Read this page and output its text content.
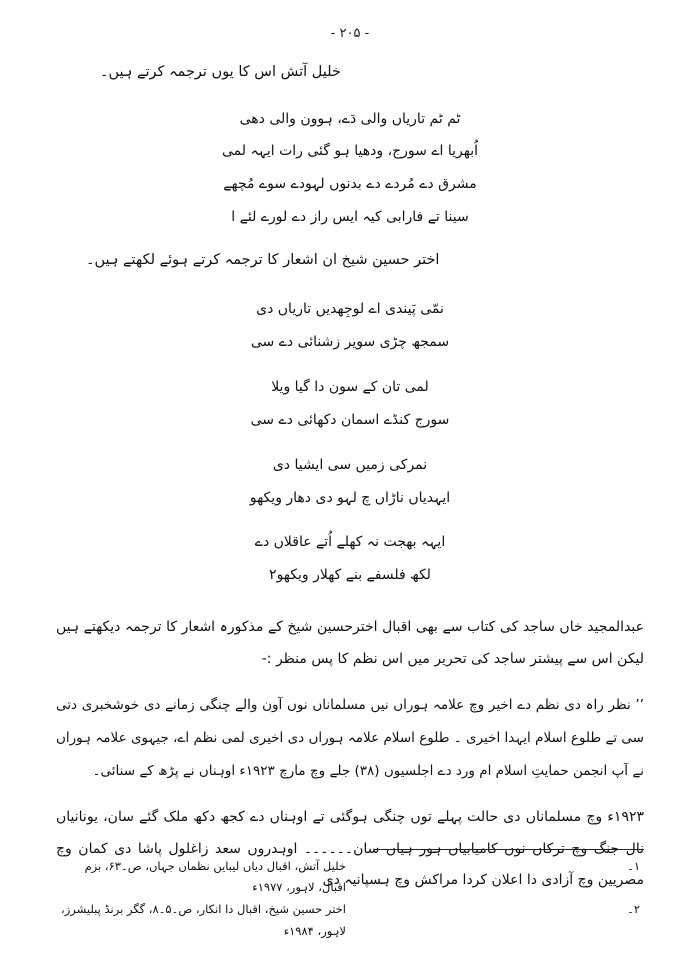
- ۲۰۵ -

خلیل آتش اس کا یوں ترجمہ کرتے ہیں۔

ٹم ٹم تاریاں والی دَے، ہوون والی دھی
اُبھریا اے سورج، ودھیا ہو گئی رات ایہہ لمی
مشرق دے مُردے دے بدنوں لہودے سوے مُچھے
سینا تے فارابی کیہ ایس راز دے لورے لئے ا

اختر حسین شیخ ان اشعار کا ترجمہ کرتے ہوئے لکھتے ہیں۔

نمّی پَیندی اے لوجِھدیں تاریاں دی
سمجھ چڑی سویر زشنائی دے سی
لمی تان کے سون دا گیا ویلا
سورج کنڈے اسمان دکھائی دے سی
نمرکی زمیں سی ایشیا دی
ایہدیاں ناڑاں چ لہو دی دھار ویکھو
ایہہ بھجت نہ کھلے اُتے عاقلاں دے
لکھ فلسفے بنے کھلار ویکھو٢

عبدالمجید خاں ساجد کی کتاب سے بھی اقبال اخترحسین شیخ کے مذکورہ اشعار کا ترجمہ دیکھتے ہیں لیکن اس سے پیشتر ساجد کی تحریر میں اس نظم کا پس منظر :-

’’ نظر راہ دی نظم دے اخیر وچ علامہ ہوراں نیں مسلماناں نوں آون والے چنگی زمانے دی خوشخبری دتی سی تے طلوع اسلام ایہدا اخیری ۔ طلوع اسلام علامہ ہوراں دی اخیری لمی نظم اے، جیہوی علامہ ہوراں نے آپ انجمن حمایتِ اسلام ام ورد دے اجلسیوں (۳۸) جلے وچ مارچ ۱۹۲۳ء اوہناں نے پڑھ کے سنائی۔

۱۹۲۳ء وچ مسلماناں دی حالت پہلے توں چنگی ہوگئی تے اوہناں دے کجھ دکھ ملک گئے سان، یونانیاں نال جنگ وچ ترکاں نوں کامیابیاں ہور ہیاں سان۔۔۔۔۔۔ اوہدروں سعد زاغلول پاشا دی کمان وچ مصریین وچ آزادی دا اعلان کردا مراکش وچ ہسپانیہ دی

۱۔
خلیل آتش، اقبال دیاں لیبایں نظماں جہاں، ص۔۶۳، بزم اقبال، لاہور، ۱۹۷۷ء
۲۔
اختر حسین شیخ، اقبال دا انکار، ص۔۵۔۸، گگر برنڈ پبلیشرز، لاہور، ۱۹۸۴ء
